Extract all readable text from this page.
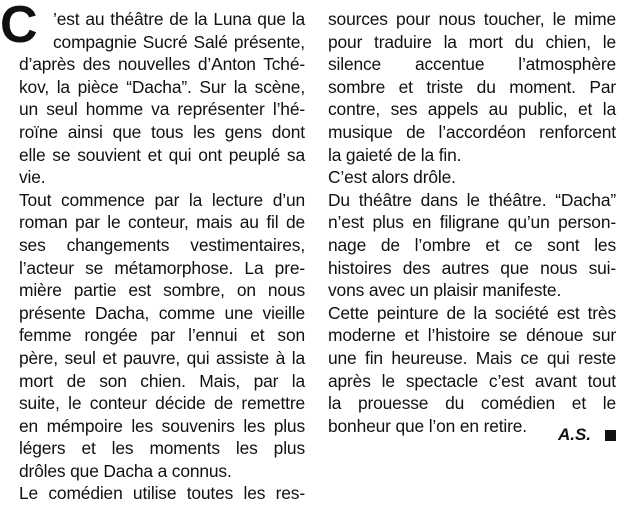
C ’est au théâtre de la Luna que la
compagnie Sucré Salé présente,
d’après des nouvelles d’Anton Tché-
kov, la pièce “Dacha”. Sur la scène,
un seul homme va représenter l’hé-
roïne ainsi que tous les gens dont
elle se souvient et qui ont peuplé sa
vie.
Tout commence par la lecture d’un
roman par le conteur, mais au fil de
ses changements vestimentaires,
l’acteur se métamorphose. La pre-
mière partie est sombre, on nous
présente Dacha, comme une vieille
femme rongée par l’ennui et son
père, seul et pauvre, qui assiste à la
mort de son chien. Mais, par la
suite, le conteur décide de remettre
en mémpoire les souvenirs les plus
légers et les moments les plus
drôles que Dacha a connus.
Le comédien utilise toutes les res-
sources pour nous toucher, le mime
pour traduire la mort du chien, le
silence accentue l’atmosphère
sombre et triste du moment. Par
contre, ses appels au public, et la
musique de l’accordéon renforcent
la gaieté de la fin.
C’est alors drôle.
Du théâtre dans le théâtre. “Dacha”
n’est plus en filigrane qu’un person-
nage de l’ombre et ce sont les
histoires des autres que nous sui-
vons avec un plaisir manifeste.
Cette peinture de la société est très
moderne et l’histoire se dénoue sur
une fin heureuse. Mais ce qui reste
après le spectacle c’est avant tout
la prouesse du comédien et le
bonheur que l’on en retire.	A.S.
